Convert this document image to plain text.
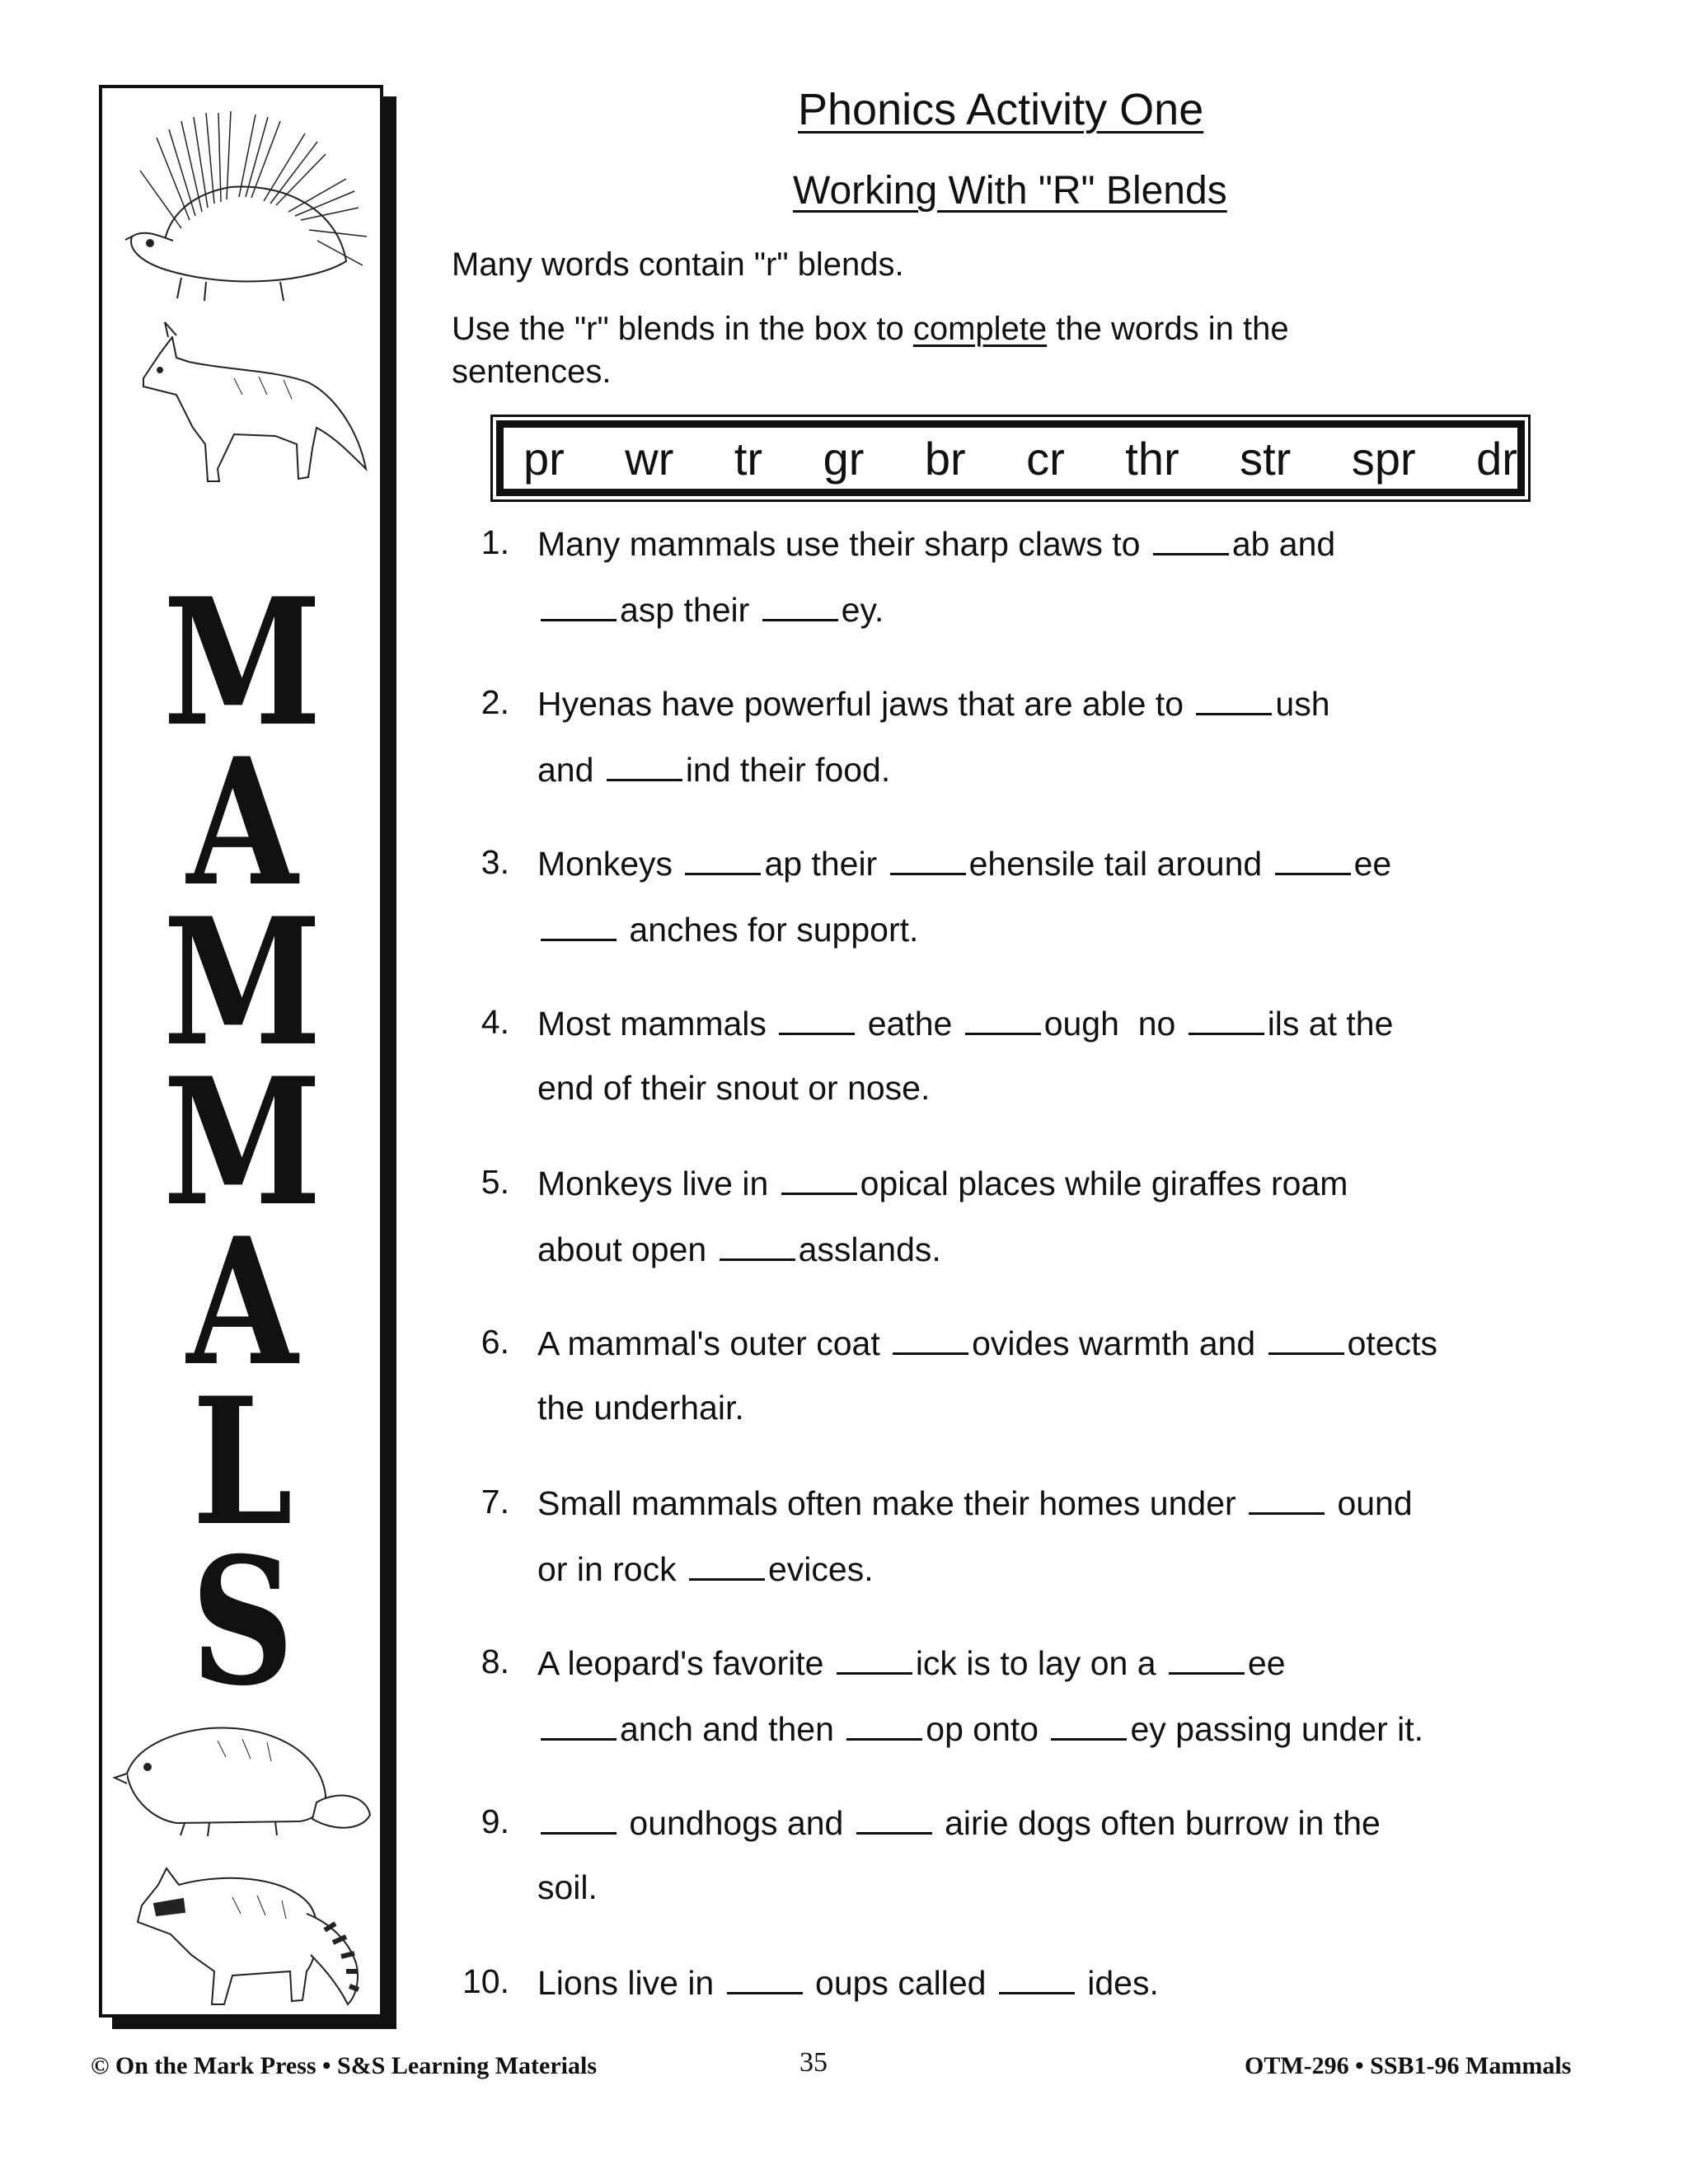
M
A
M
M
A
L
S
Phonics Activity One
Working With "R" Blends
Many words contain "r" blends.
Use the "r" blends in the box to complete the words in the
sentences.
pr wr tr gr br cr thr str spr dr
1. Many mammals use their sharp claws to ab and
asp their ey.
2. Hyenas have powerful jaws that are able to ush
and ind their food.
3. Monkeys ap their ehensile tail around ee
anches for support.
4. Most mammals  eathe ough  no ils at the
end of their snout or nose.
5. Monkeys live in opical places while giraffes roam
about open asslands.
6. A mammal's outer coat ovides warmth and otects
the underhair.
7. Small mammals often make their homes under  ound
or in rock evices.
8. A leopard's favorite ick is to lay on a ee
anch and then op onto ey passing under it.
9.	oundhogs and  airie dogs often burrow in the
soil.
10. Lions live in  oups called  ides.
© On the Mark Press • S&S Learning Materials	35	OTM-296 • SSB1-96 Mammals
